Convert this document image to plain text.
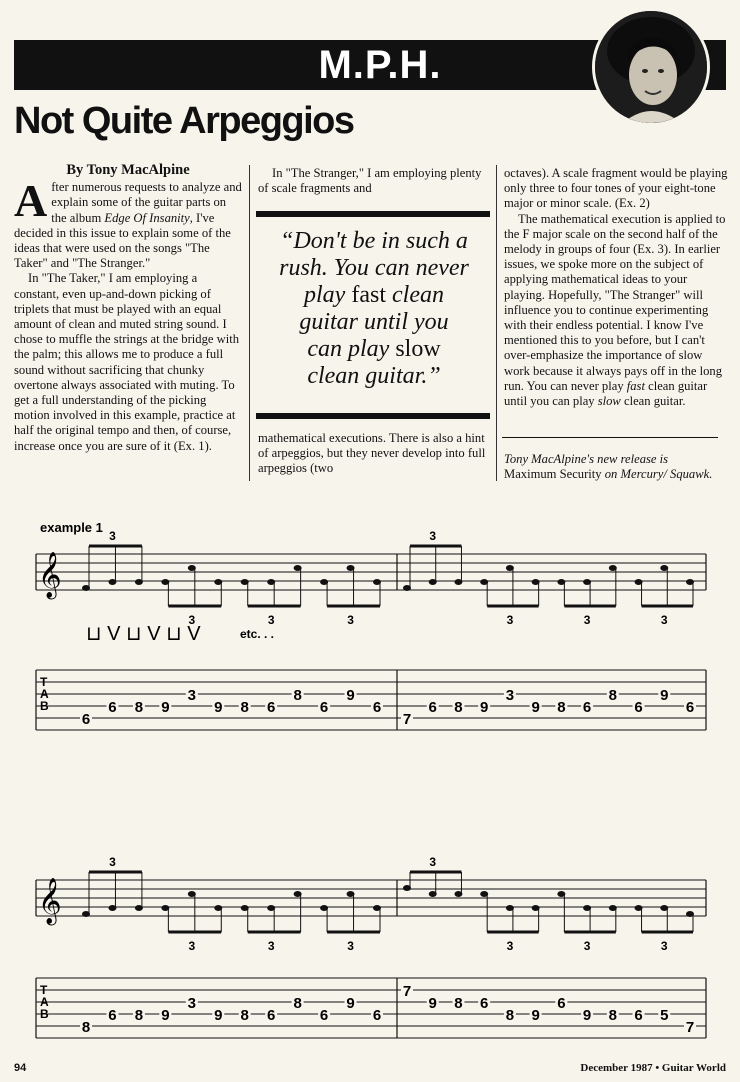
M.P.H.
Not Quite Arpeggios

By Tony MacAlpine

After numerous requests to analyze and explain some of the guitar parts on the album Edge Of Insanity, I've decided in this issue to explain some of the ideas that were used on the songs "The Taker" and "The Stranger."

In "The Taker," I am employing a constant, even up-and-down picking of triplets that must be played with an equal amount of clean and muted string sound. I chose to muffle the strings at the bridge with the palm; this allows me to produce a full sound without sacrificing that chunky overtone always associated with muting. To get a full understanding of the picking motion involved in this example, practice at half the original tempo and then, of course, increase once you are sure of it (Ex. 1).

In "The Stranger," I am employing plenty of scale fragments and

“Don't be in such a
rush. You can never
play fast clean
guitar until you
can play slow
clean guitar.”

mathematical executions. There is also a hint of arpeggios, but they never develop into full arpeggios (two

octaves). A scale fragment would be playing only three to four tones of your eight-tone major or minor scale. (Ex. 2)

The mathematical execution is applied to the F major scale on the second half of the melody in groups of four (Ex. 3). In earlier issues, we spoke more on the subject of applying mathematical ideas to your playing. Hopefully, "The Stranger" will influence you to continue experimenting with their endless potential. I know I've mentioned this to you before, but I can't over-emphasize the importance of slow work because it always pays off in the long run. You can never play fast clean guitar until you can play slow clean guitar.

Tony MacAlpine's new release is
Maximum Security on Mercury/ Squawk.
example 1
𝄞
T
A
B
3
3	3	3
6
6 8 9
3
9 8 6
8
6
9
6
3
3	3	3
7
6 8 9
3
9 8 6
8
6
9
6
⊔ V ⊔ V ⊔ V	etc. . .
𝄞
T
A
B
3
3	3	3
8
6 8 9
3
9 8 6
8
6
9
6
3
3	3	3
7
9 8 6
8 9
6
9 8 6 5
7
94	December 1987 • Guitar World
